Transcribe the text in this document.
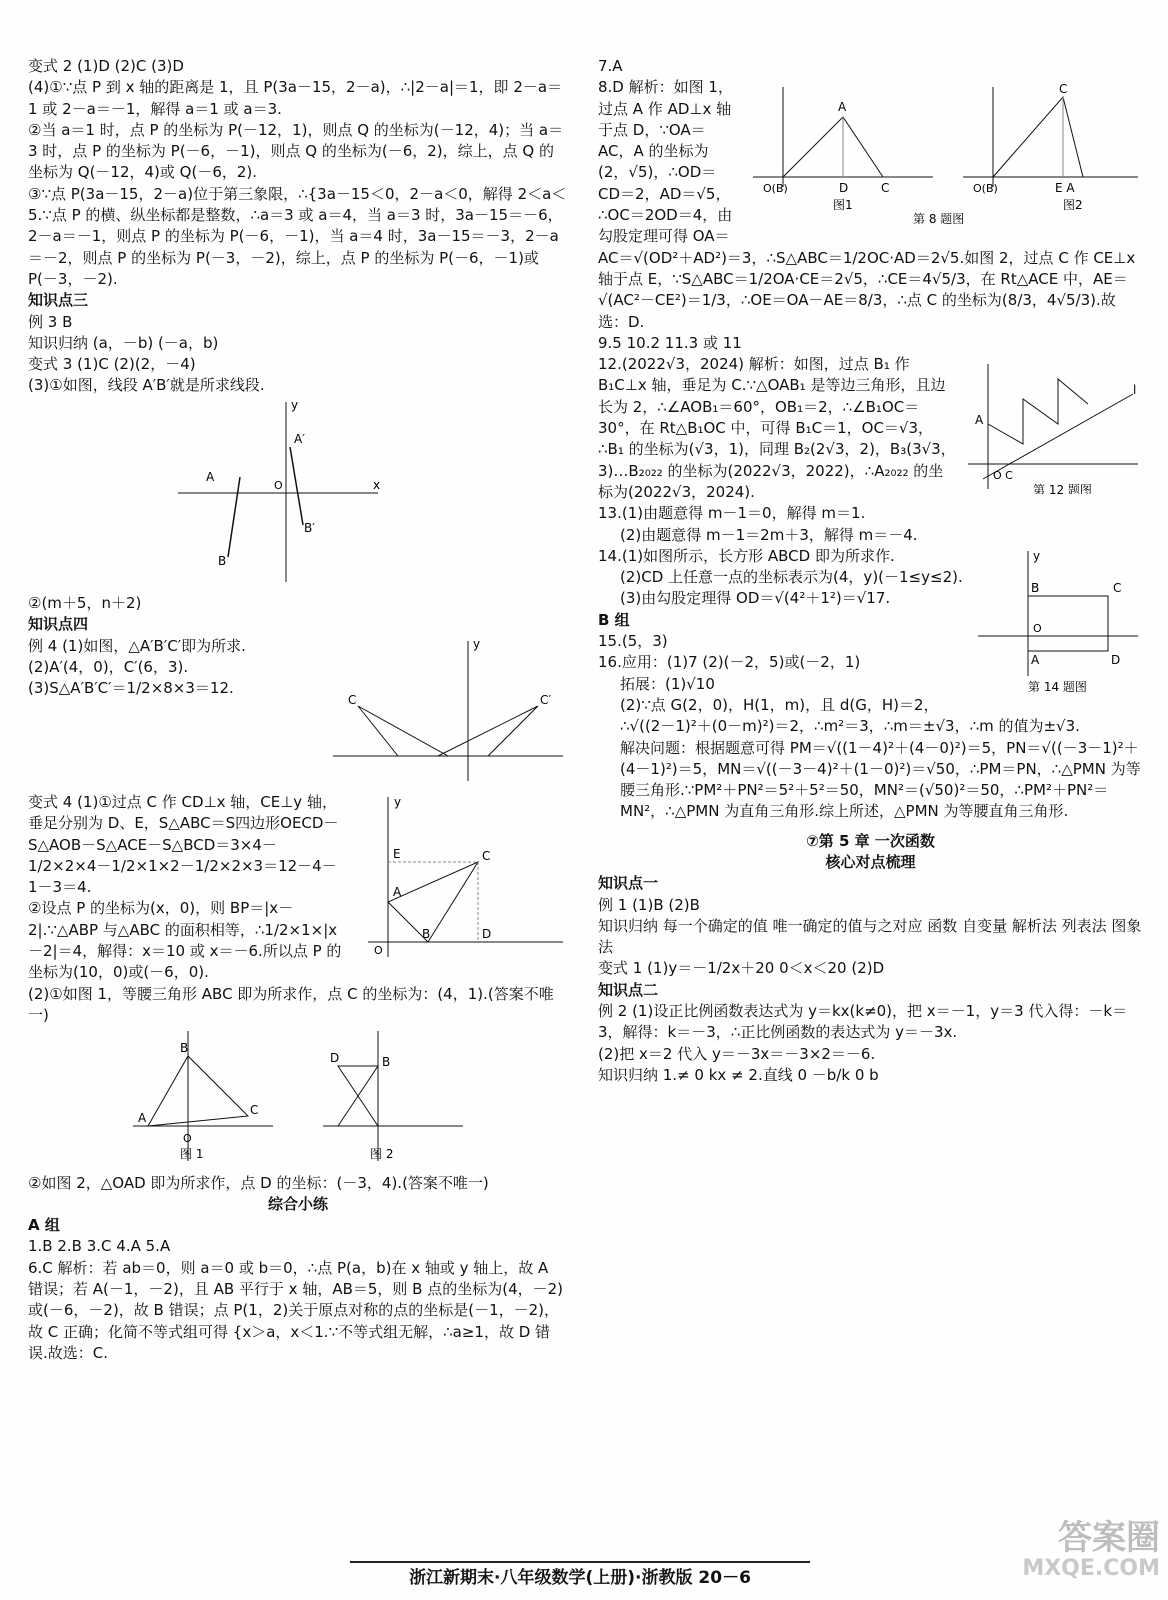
变式 2 (1)D (2)C (3)D
(4)①∵点 P 到 x 轴的距离是 1，且 P(3a－15，2－a)，∴|2－a|＝1，即 2－a＝1 或 2－a＝－1，解得 a＝1 或 a＝3.
②当 a＝1 时，点 P 的坐标为 P(－12，1)，则点 Q 的坐标为(－12，4)；当 a＝3 时，点 P 的坐标为 P(－6，－1)，则点 Q 的坐标为(－6，2)，综上，点 Q 的坐标为 Q(－12，4)或 Q(－6，2).
③∵点 P(3a－15，2－a)位于第三象限，∴{3a－15＜0，2－a＜0，解得 2＜a＜5.∵点 P 的横、纵坐标都是整数，∴a＝3 或 a＝4，当 a＝3 时，3a－15＝－6，2－a＝－1，则点 P 的坐标为 P(－6，－1)，当 a＝4 时，3a－15＝－3，2－a＝－2，则点 P 的坐标为 P(－3，－2)，综上，点 P 的坐标为 P(－6，－1)或 P(－3，－2).
知识点三
例 3 B
知识归纳 (a，－b) (－a，b)
变式 3 (1)C (2)(2，－4)
(3)①如图，线段 A′B′就是所求线段.
y
x
A
A′
B′
B
O
②(m＋5，n＋2)
知识点四
例 4 (1)如图，△A′B′C′即为所求.
(2)A′(4，0)，C′(6，3).
(3)S△A′B′C′＝1/2×8×3＝12.
C	C′
y
变式 4 (1)①过点 C 作 CD⊥x 轴，CE⊥y 轴，垂足分别为 D、E，S△ABC＝S四边形OECD－S△AOB－S△ACE－S△BCD＝3×4－1/2×2×4－1/2×1×2－1/2×2×3＝12－4－1－3＝4.
②设点 P 的坐标为(x，0)，则 BP＝|x－2|.∵△ABP 与△ABC 的面积相等，∴1/2×1×|x－2|＝4，解得：x＝10 或 x＝－6.所以点 P 的坐标为(10，0)或(－6，0).
E	C
A
B	D
O
y
(2)①如图 1，等腰三角形 ABC 即为所求作，点 C 的坐标为：(4，1).(答案不唯一)
B
C
A
O
图 1
B
D
图 2
②如图 2，△OAD 即为所求作，点 D 的坐标：(－3，4).(答案不唯一)
综合小练
A 组
1.B 2.B 3.C 4.A 5.A
6.C 解析：若 ab＝0，则 a＝0 或 b＝0，∴点 P(a，b)在 x 轴或 y 轴上，故 A 错误；若 A(－1，－2)，且 AB 平行于 x 轴，AB＝5，则 B 点的坐标为(4，－2)或(－6，－2)，故 B 错误；点 P(1，2)关于原点对称的点的坐标是(－1，－2)，故 C 正确；化简不等式组可得 {x＞a，x＜1.∵不等式组无解，∴a≥1，故 D 错误.故选：C.
7.A
A
O(B)	D	C
图1
C
O(B)	E A
图2
第 8 题图
8.D 解析：如图 1，过点 A 作 AD⊥x 轴于点 D，∵OA＝AC，A 的坐标为(2，√5)，∴OD＝CD＝2，AD＝√5，∴OC＝2OD＝4，由勾股定理可得 OA＝AC＝√(OD²＋AD²)＝3，∴S△ABC＝1/2OC·AD＝2√5.如图 2，过点 C 作 CE⊥x 轴于点 E，∵S△ABC＝1/2OA·CE＝2√5，∴CE＝4√5/3，在 Rt△ACE 中，AE＝√(AC²－CE²)＝1/3，∴OE＝OA－AE＝8/3，∴点 C 的坐标为(8/3，4√5/3).故选：D.
9.5 10.2 11.3 或 11
A
l
O C
第 12 题图
12.(2022√3，2024) 解析：如图，过点 B₁ 作 B₁C⊥x 轴，垂足为 C.∵△OAB₁ 是等边三角形，且边长为 2，∴∠AOB₁＝60°，OB₁＝2，∴∠B₁OC＝30°，在 Rt△B₁OC 中，可得 B₁C＝1，OC＝√3，∴B₁ 的坐标为(√3，1)，同理 B₂(2√3，2)，B₃(3√3，3)…B₂₀₂₂ 的坐标为(2022√3，2022)，∴A₂₀₂₂ 的坐标为(2022√3，2024).
13.(1)由题意得 m－1＝0，解得 m＝1.
(2)由题意得 m－1＝2m＋3，解得 m＝－4.
B	C
A	D
O
y
第 14 题图
14.(1)如图所示，长方形 ABCD 即为所求作.
(2)CD 上任意一点的坐标表示为(4，y)(－1≤y≤2).
(3)由勾股定理得 OD＝√(4²＋1²)＝√17.
B 组
15.(5，3)
16.应用：(1)7 (2)(－2，5)或(－2，1)
拓展：(1)√10
(2)∵点 G(2，0)，H(1，m)，且 d(G，H)＝2，∴√((2－1)²＋(0－m)²)＝2，∴m²＝3，∴m＝±√3，∴m 的值为±√3.
解决问题：根据题意可得 PM＝√((1－4)²＋(4－0)²)＝5，PN＝√((－3－1)²＋(4－1)²)＝5，MN＝√((－3－4)²＋(1－0)²)＝√50，∴PM＝PN，∴△PMN 为等腰三角形.∵PM²＋PN²＝5²＋5²＝50，MN²＝(√50)²＝50，∴PM²＋PN²＝MN²，∴△PMN 为直角三角形.综上所述，△PMN 为等腰直角三角形.
⑦第 5 章 一次函数
核心对点梳理
知识点一
例 1 (1)B (2)B
知识归纳 每一个确定的值 唯一确定的值与之对应 函数 自变量 解析法 列表法 图象法
变式 1 (1)y＝－1/2x＋20 0＜x＜20 (2)D
知识点二
例 2 (1)设正比例函数表达式为 y＝kx(k≠0)，把 x＝－1，y＝3 代入得：－k＝3，解得：k＝－3，∴正比例函数的表达式为 y＝－3x.
(2)把 x＝2 代入 y＝－3x＝－3×2＝－6.
知识归纳 1.≠ 0 kx ≠ 2.直线 0 －b/k 0 b
浙江新期末·八年级数学(上册)·浙教版 20－6
答案圈
MXQE.COM
